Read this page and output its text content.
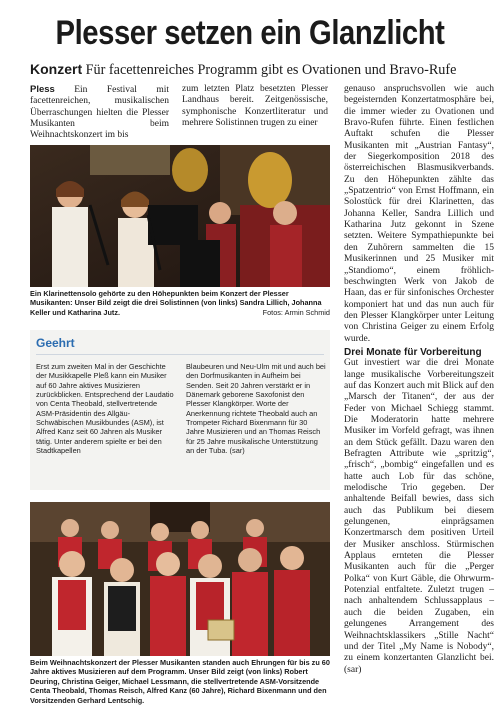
Plesser setzen ein Glanzlicht
Konzert Für facettenreiches Programm gibt es Ovationen und Bravo-Rufe

Pless Ein Festival mit facettenreichen, musikalischen Überraschungen hielten die Plesser Musikanten beim Weihnachtskonzert im bis

zum letzten Platz besetzten Plesser Landhaus bereit. Zeitgenössische, symphonische Konzertliteratur und mehrere Solistinnen trugen zu einer

Ein Klarinettensolo gehörte zu den Höhepunkten beim Konzert der Plesser Musikanten: Unser Bild zeigt die drei Solistinnen (von links) Sandra Lillich, Johanna Keller und Katharina Jutz.	Fotos: Armin Schmid

genauso anspruchsvollen wie auch begeisternden Konzertatmosphäre bei, die immer wieder zu Ovationen und Bravo-Rufen führte. Einen festlichen Auftakt schufen die Plesser Musikanten mit „Austrian Fantasy“, der Siegerkomposition 2018 des österreichischen Blasmusikverbands. Zu den Höhepunkten zählte das „Spatzentrio“ von Ernst Hoffmann, ein Solostück für drei Klarinetten, das Johanna Keller, Sandra Lillich und Katharina Jutz gekonnt in Szene setzten. Weitere Sympathiepunkte bei den Zuhörern sammelten die 15 Musikerinnen und 25 Musiker mit „Standiomo“, einem fröhlich-beschwingten Werk von Jakob de Haan, das er für sinfonisches Orchester komponiert hat und das nun auch für den Plesser Klangkörper unter Leitung von Christina Geiger zu einem Erfolg wurde.

Drei Monate für Vorbereitung

Gut investiert war die drei Monate lange musikalische Vorbereitungszeit auf das Konzert auch mit Blick auf den „Marsch der Titanen“, der aus der Feder von Michael Schiegg stammt. Die Moderatorin hatte mehrere Musiker im Vorfeld gefragt, was ihnen an dem Stück gefällt. Dazu waren den Befragten Attribute wie „spritzig“, „frisch“, „bombig“ eingefallen und es hatte auch Lob für das schöne, melodische Trio gegeben. Der anhaltende Beifall bewies, dass sich auch das Publikum bei diesem gelungenen, einprägsamen Konzertmarsch dem positiven Urteil der Musiker anschloss. Stürmischen Applaus ernteten die Plesser Musikanten auch für die „Perger Polka“ von Kurt Gäble, die Ohrwurm-Potenzial entfaltete. Zuletzt trugen – nach anhaltendem Schlussapplaus – auch die beiden Zugaben, ein gelungenes Arrangement des Weihnachtsklassikers „Stille Nacht“ und der Titel „My Name is Nobody“, zu einem konzertanten Glanzlicht bei. (sar)

Geehrt
Erst zum zweiten Mal in der Geschichte der Musikkapelle Pleß kann ein Musiker auf 60 Jahre aktives Musizieren zurückblicken. Entsprechend der Laudatio von Centa Theobald, stellvertretende ASM-Präsidentin des Allgäu-Schwäbischen Musikbundes (ASM), ist Alfred Kanz seit 60 Jahren als Musiker tätig. Unter anderem spielte er bei den Stadtkapellen
Blaubeuren und Neu-Ulm mit und auch bei den Dorfmusikanten in Aufheim bei Senden. Seit 20 Jahren verstärkt er in Dänemark geborene Saxofonist den Plesser Klangkörper. Worte der Anerkennung richtete Theobald auch an Trompeter Richard Bixenmann für 30 Jahre Musizieren und an Thomas Reisch für 25 Jahre musikalische Unterstützung an der Tuba. (sar)
Beim Weihnachtskonzert der Plesser Musikanten standen auch Ehrungen für bis zu 60 Jahre aktives Musizieren auf dem Programm. Unser Bild zeigt (von links) Robert Deuring, Christina Geiger, Michael Lessmann, die stellvertretende ASM-Vorsitzende Centa Theobald, Thomas Reisch, Alfred Kanz (60 Jahre), Richard Bixenmann und den Vorsitzenden Gerhard Lentschig.
